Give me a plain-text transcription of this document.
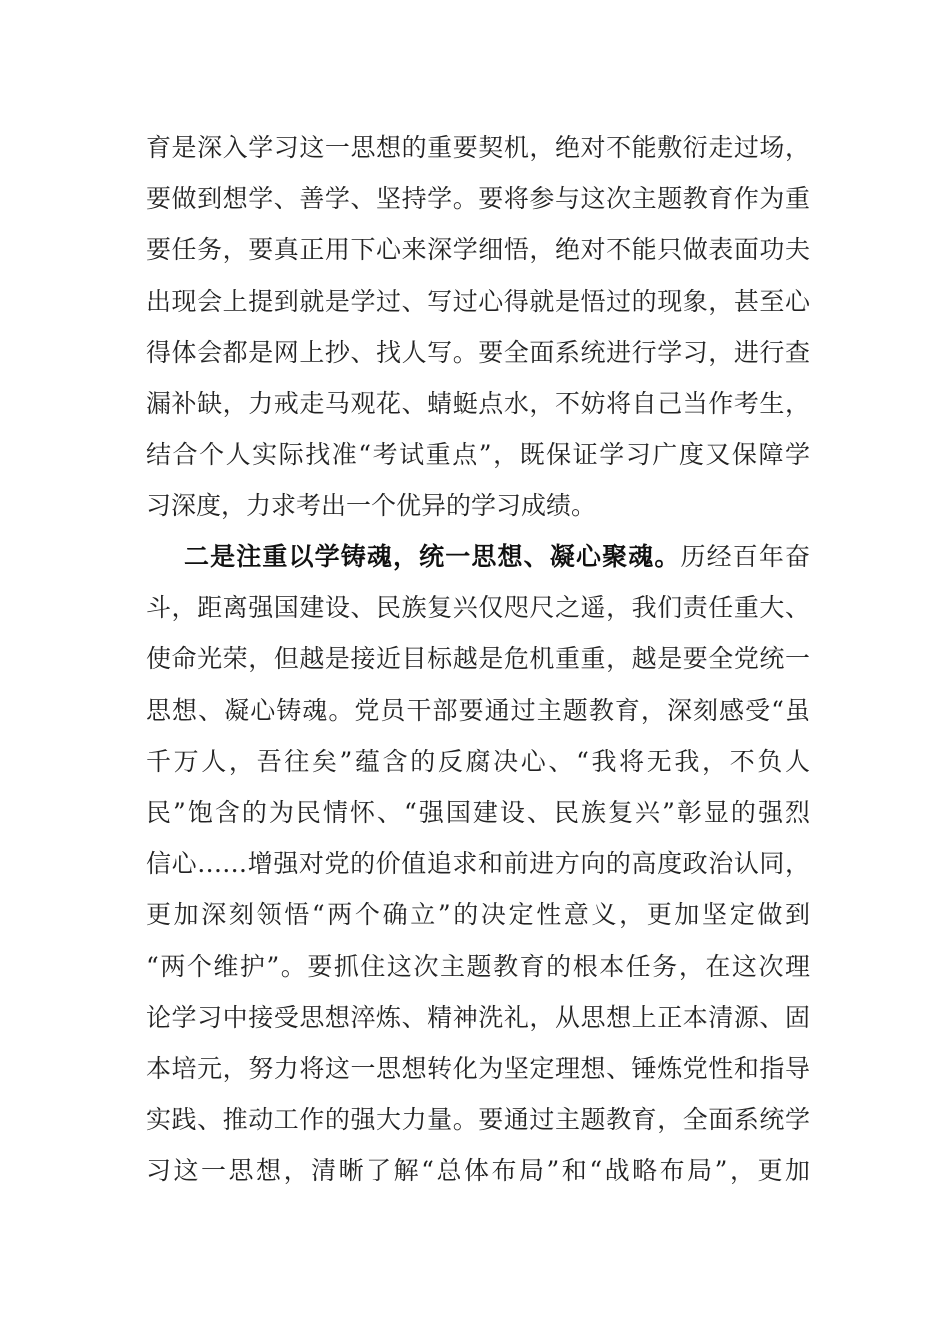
育是深入学习这一思想的重要契机，绝对不能敷衍走过场，
要做到想学、善学、坚持学。要将参与这次主题教育作为重
要任务，要真正用下心来深学细悟，绝对不能只做表面功夫
出现会上提到就是学过、写过心得就是悟过的现象，甚至心
得体会都是网上抄、找人写。要全面系统进行学习，进行查
漏补缺，力戒走马观花、蜻蜓点水，不妨将自己当作考生，
结合个人实际找准“考试重点”，既保证学习广度又保障学
习深度，力求考出一个优异的学习成绩。
二是注重以学铸魂，统一思想、凝心聚魂。历经百年奋
斗，距离强国建设、民族复兴仅咫尺之遥，我们责任重大、
使命光荣，但越是接近目标越是危机重重，越是要全党统一
思想、凝心铸魂。党员干部要通过主题教育，深刻感受“虽
千万人，吾往矣”蕴含的反腐决心、“我将无我，不负人
民”饱含的为民情怀、“强国建设、民族复兴”彰显的强烈
信心……增强对党的价值追求和前进方向的高度政治认同，
更加深刻领悟“两个确立”的决定性意义，更加坚定做到
“两个维护”。要抓住这次主题教育的根本任务，在这次理
论学习中接受思想淬炼、精神洗礼，从思想上正本清源、固
本培元，努力将这一思想转化为坚定理想、锤炼党性和指导
实践、推动工作的强大力量。要通过主题教育，全面系统学
习这一思想，清晰了解“总体布局”和“战略布局”，更加
